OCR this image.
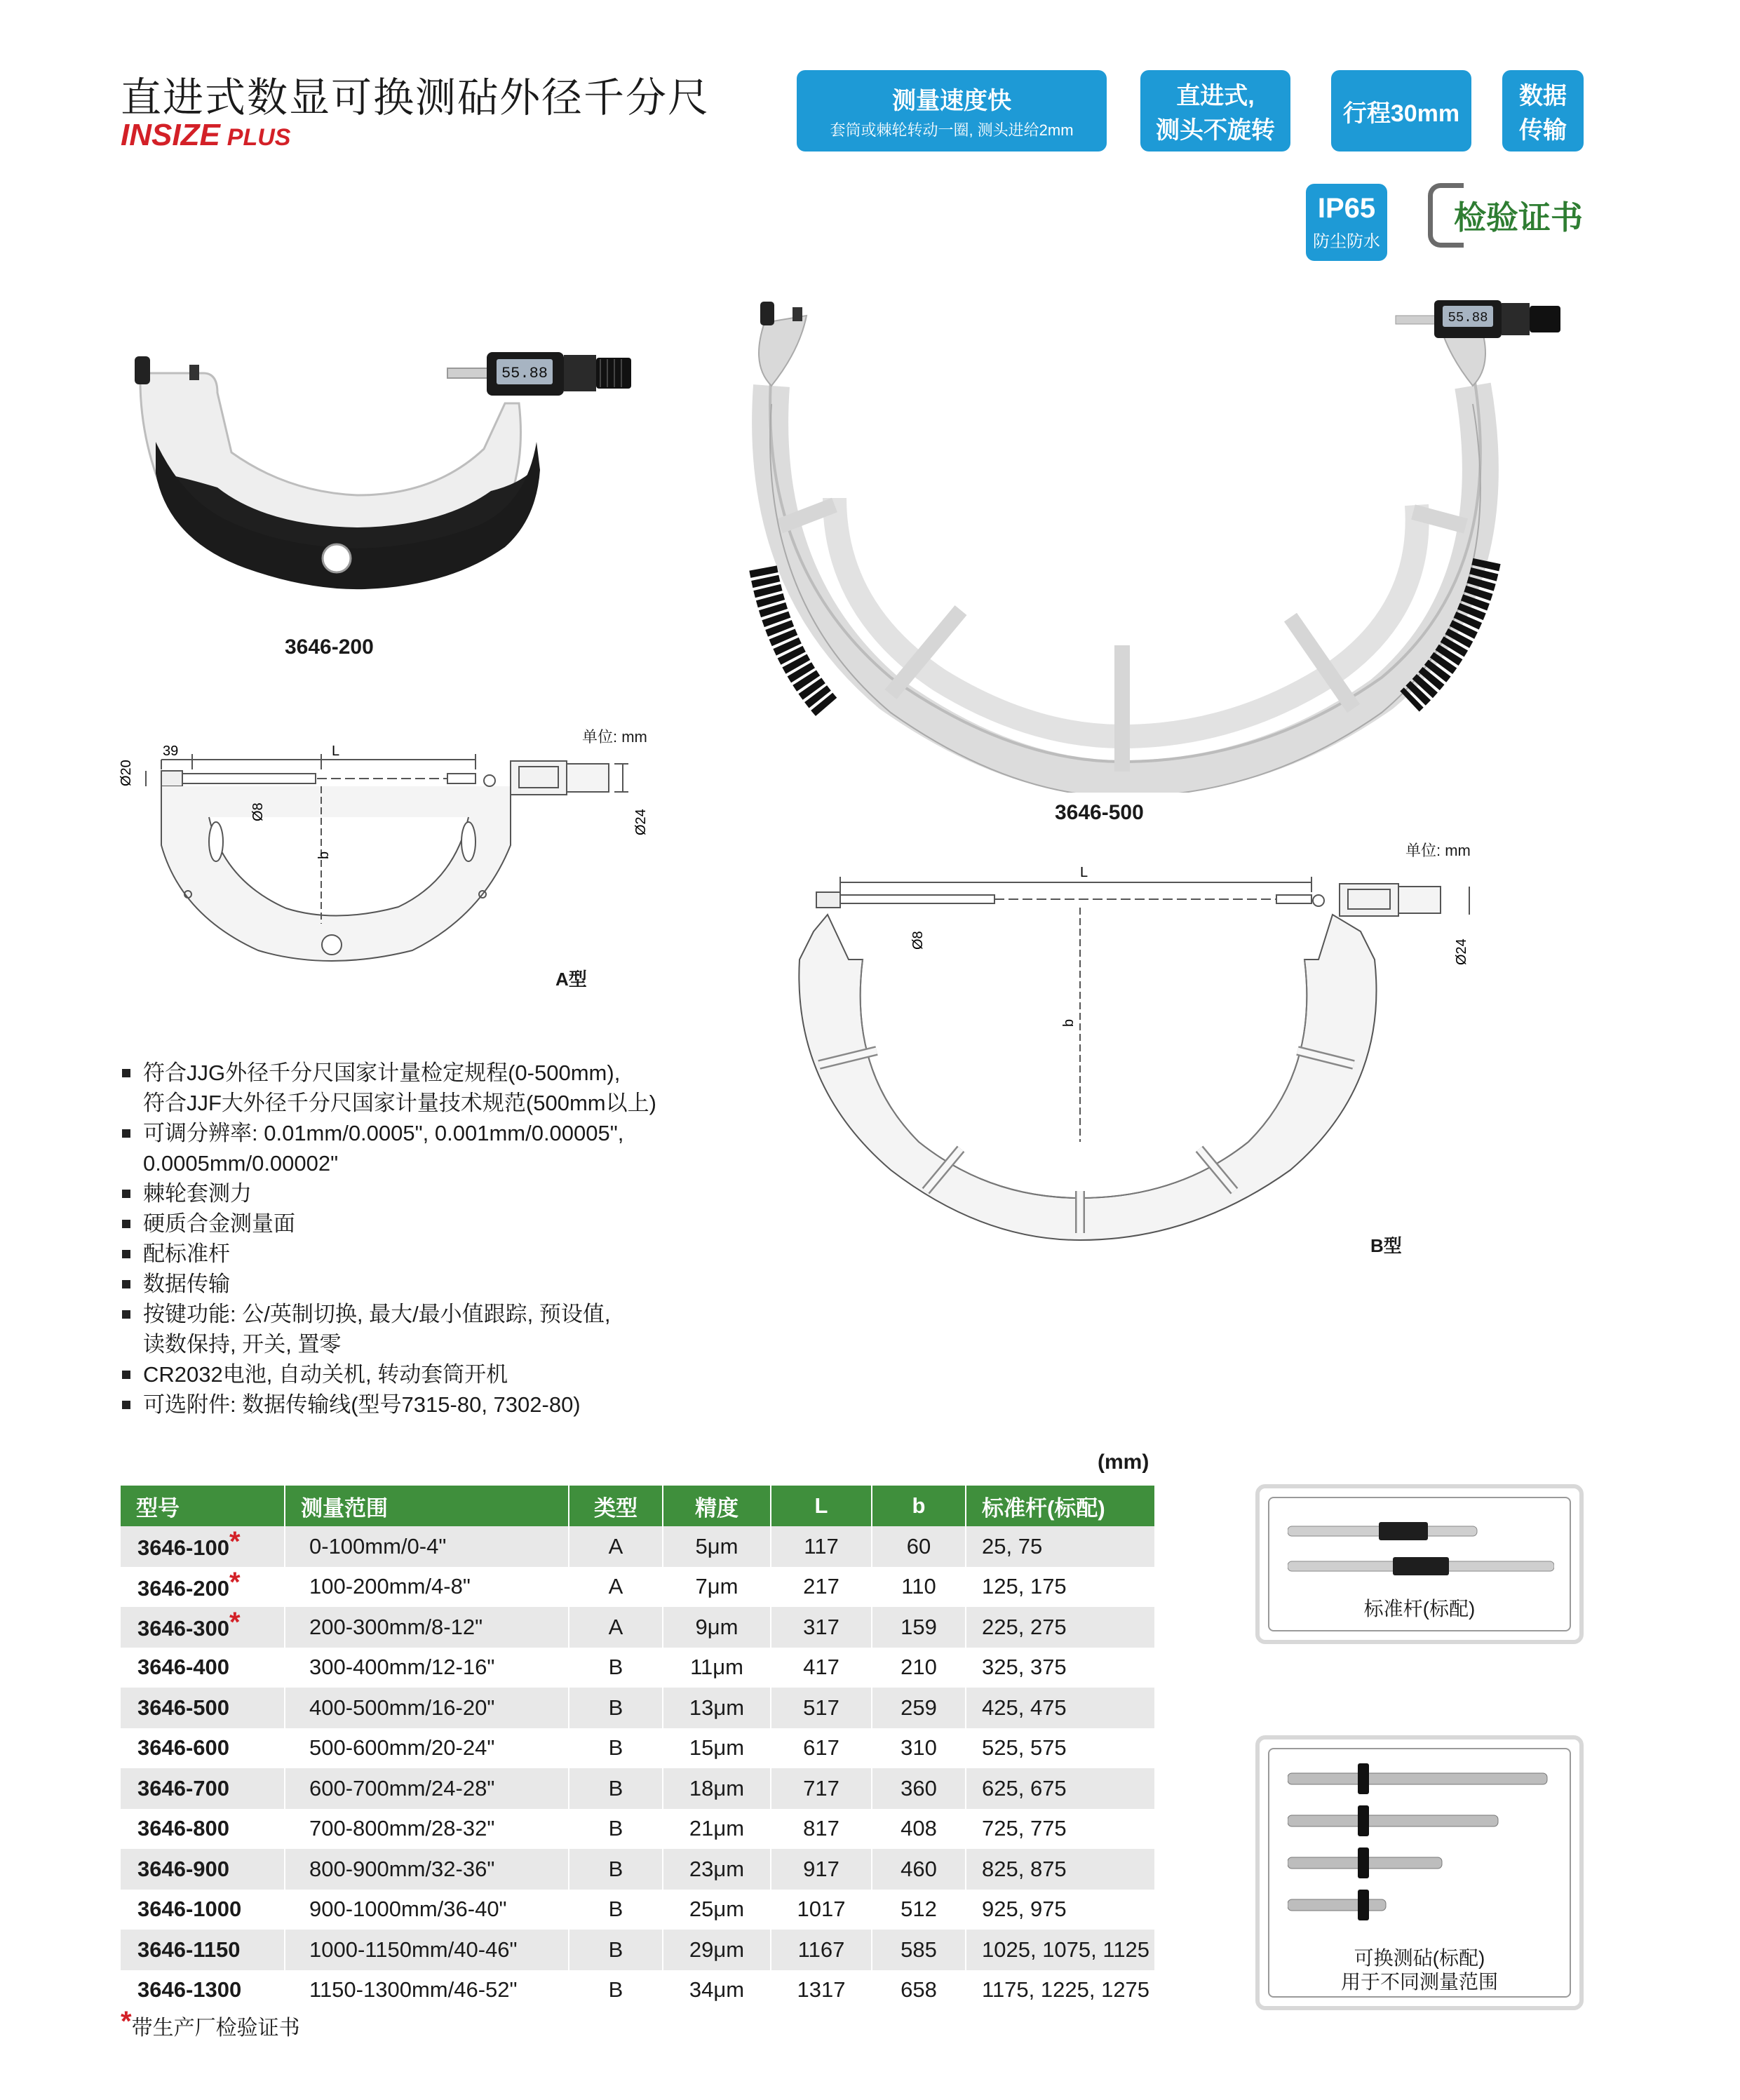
直进式数显可换测砧外径千分尺
INSIZE PLUS
测量速度快
套筒或棘轮转动一圈, 测头进给2mm
直进式,
测头不旋转
行程30mm
数据
传输
IP65
防尘防水
检验证书
55.88
3646-200
55.88
3646-500
单位: mm
Ø20
39	L
Ø8
b
Ø24
A型
单位: mm
L
Ø8
b
Ø24
B型
符合JJG外径千分尺国家计量检定规程(0-500mm),
符合JJF大外径千分尺国家计量技术规范(500mm以上)
可调分辨率: 0.01mm/0.0005", 0.001mm/0.00005",
0.0005mm/0.00002"
棘轮套测力
硬质合金测量面
配标准杆
数据传输
按键功能: 公/英制切换, 最大/最小值跟踪, 预设值,
读数保持, 开关, 置零
CR2032电池, 自动关机, 转动套筒开机
可选附件: 数据传输线(型号7315-80, 7302-80)
(mm)
型号	测量范围	类型	精度	L	b	标准杆(标配)
3646-100*	0-100mm/0-4"	A	5μm	117	60	25, 75
3646-200*	100-200mm/4-8"	A	7μm	217	110	125, 175
3646-300*	200-300mm/8-12"	A	9μm	317	159	225, 275
3646-400	300-400mm/12-16"	B	11μm	417	210	325, 375
3646-500	400-500mm/16-20"	B	13μm	517	259	425, 475
3646-600	500-600mm/20-24"	B	15μm	617	310	525, 575
3646-700	600-700mm/24-28"	B	18μm	717	360	625, 675
3646-800	700-800mm/28-32"	B	21μm	817	408	725, 775
3646-900	800-900mm/32-36"	B	23μm	917	460	825, 875
3646-1000	900-1000mm/36-40"	B	25μm	1017	512	925, 975
3646-1150	1000-1150mm/40-46"	B	29μm	1167	585	1025, 1075, 1125
3646-1300	1150-1300mm/46-52"	B	34μm	1317	658	1175, 1225, 1275
*带生产厂检验证书
标准杆(标配)
可换测砧(标配)
用于不同测量范围
